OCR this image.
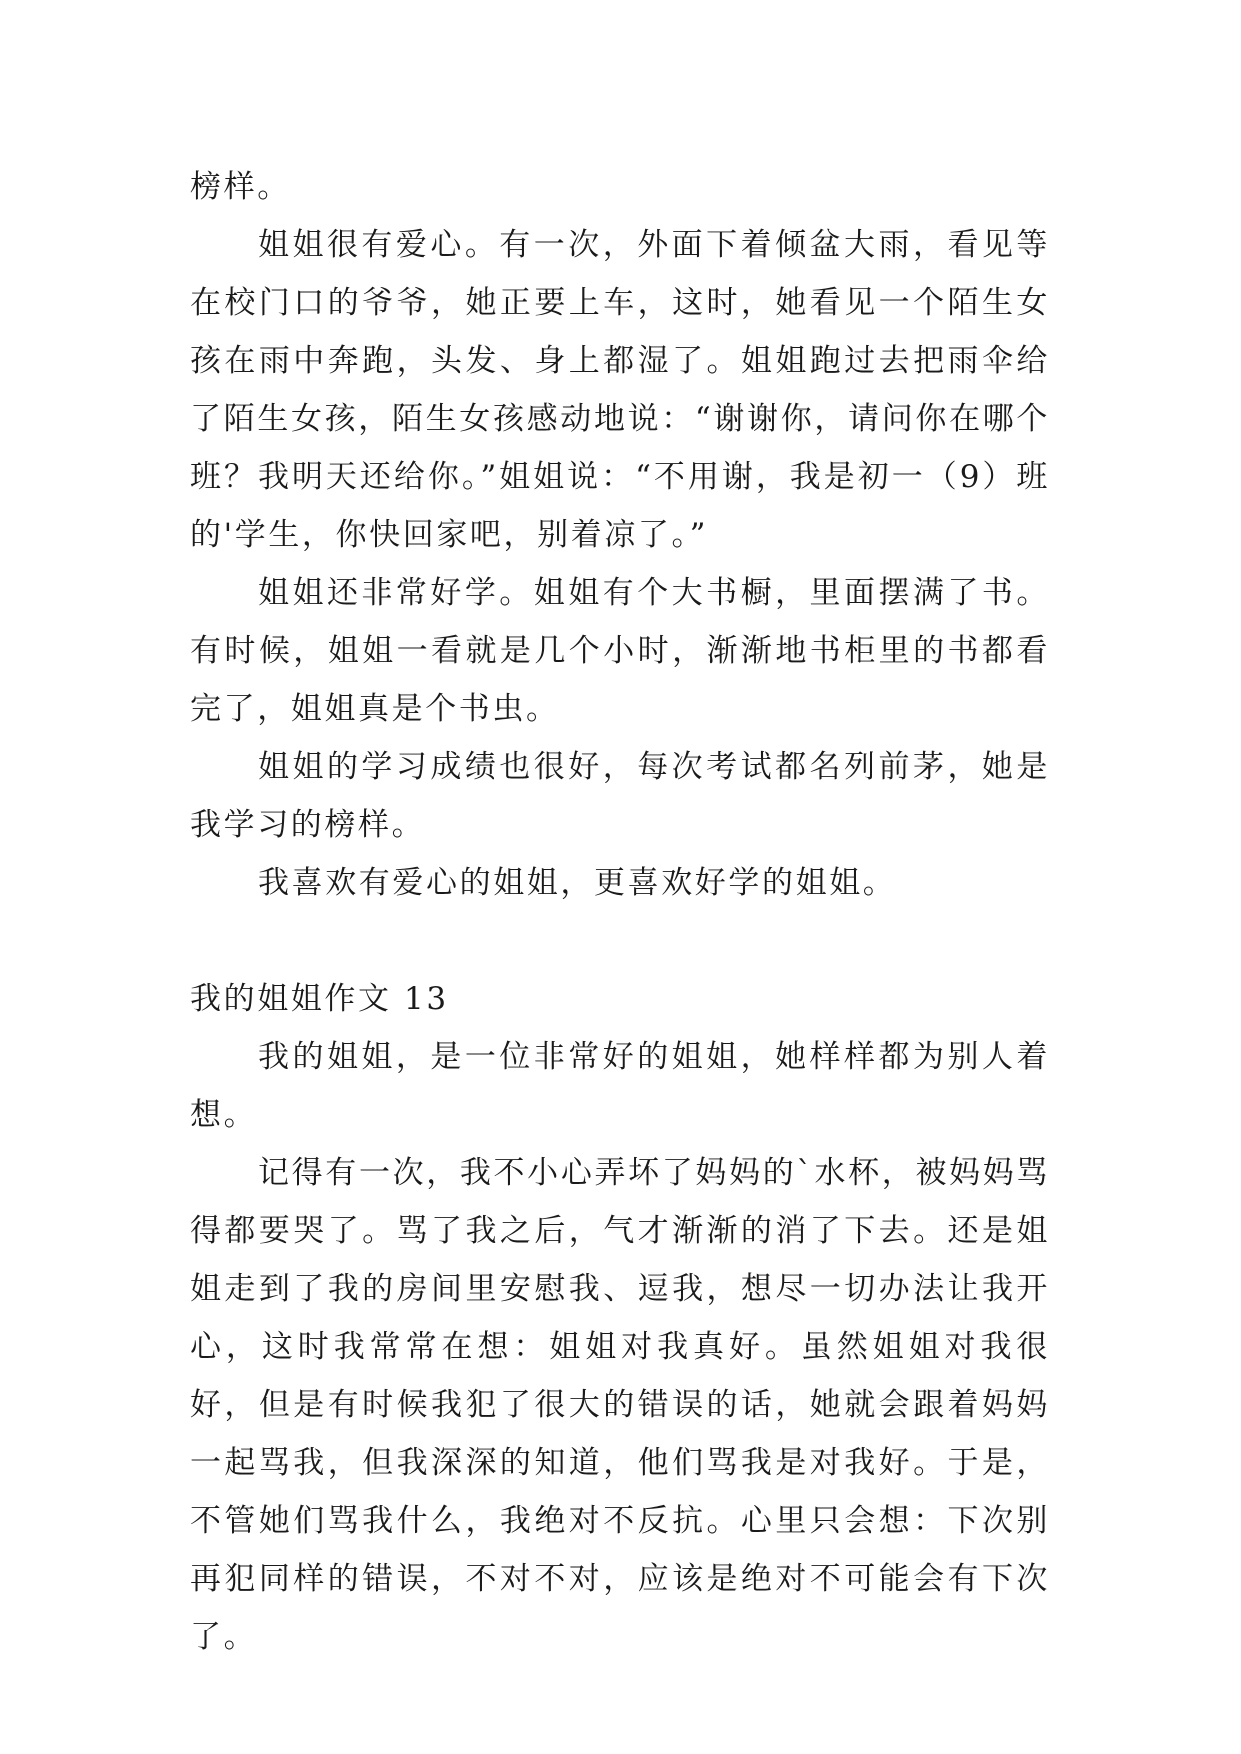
榜样。

姐姐很有爱心。有一次，外面下着倾盆大雨，看见等在校门口的爷爷，她正要上车，这时，她看见一个陌生女孩在雨中奔跑，头发、身上都湿了。姐姐跑过去把雨伞给了陌生女孩，陌生女孩感动地说：“谢谢你，请问你在哪个班？我明天还给你。”姐姐说：“不用谢，我是初一（9）班的'学生，你快回家吧，别着凉了。”

姐姐还非常好学。姐姐有个大书橱，里面摆满了书。有时候，姐姐一看就是几个小时，渐渐地书柜里的书都看完了，姐姐真是个书虫。

姐姐的学习成绩也很好，每次考试都名列前茅，她是我学习的榜样。

我喜欢有爱心的姐姐，更喜欢好学的姐姐。

我的姐姐作文 13

我的姐姐，是一位非常好的姐姐，她样样都为别人着想。

记得有一次，我不小心弄坏了妈妈的`水杯，被妈妈骂得都要哭了。骂了我之后，气才渐渐的消了下去。还是姐姐走到了我的房间里安慰我、逗我，想尽一切办法让我开心，这时我常常在想：姐姐对我真好。虽然姐姐对我很好，但是有时候我犯了很大的错误的话，她就会跟着妈妈一起骂我，但我深深的知道，他们骂我是对我好。于是，不管她们骂我什么，我绝对不反抗。心里只会想：下次别再犯同样的错误，不对不对，应该是绝对不可能会有下次了。
